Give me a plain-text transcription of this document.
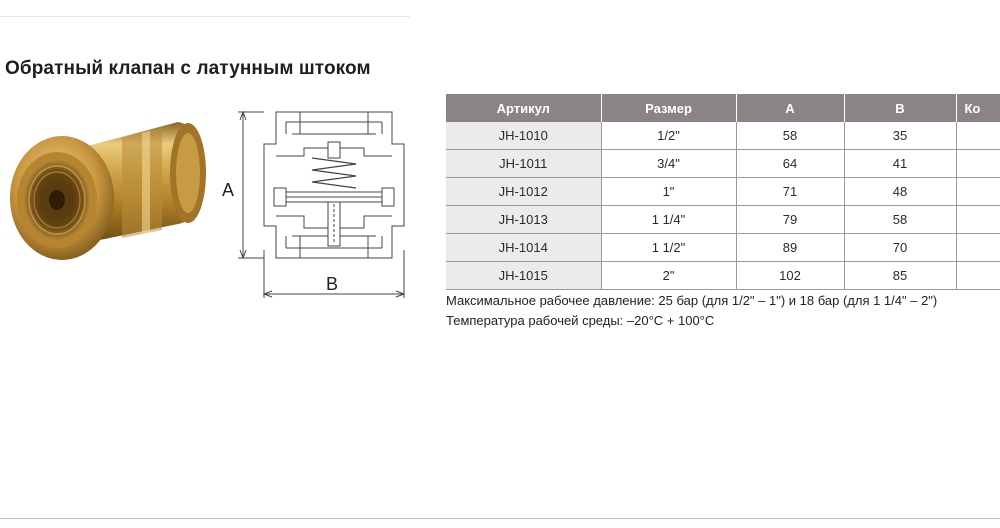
Обратный клапан с латунным штоком
A
B
Артикул	Размер	A	B	Ко
JH-1010	1/2"	58	35	
JH-1011	3/4"	64	41	
JH-1012	1"	71	48	
JH-1013	1 1/4"	79	58	
JH-1014	1 1/2"	89	70	
JH-1015	2"	102	85	
Максимальное рабочее давление: 25 бар (для 1/2" – 1") и 18 бар (для 1 1/4" – 2")
Температура рабочей среды: –20°С + 100°С
